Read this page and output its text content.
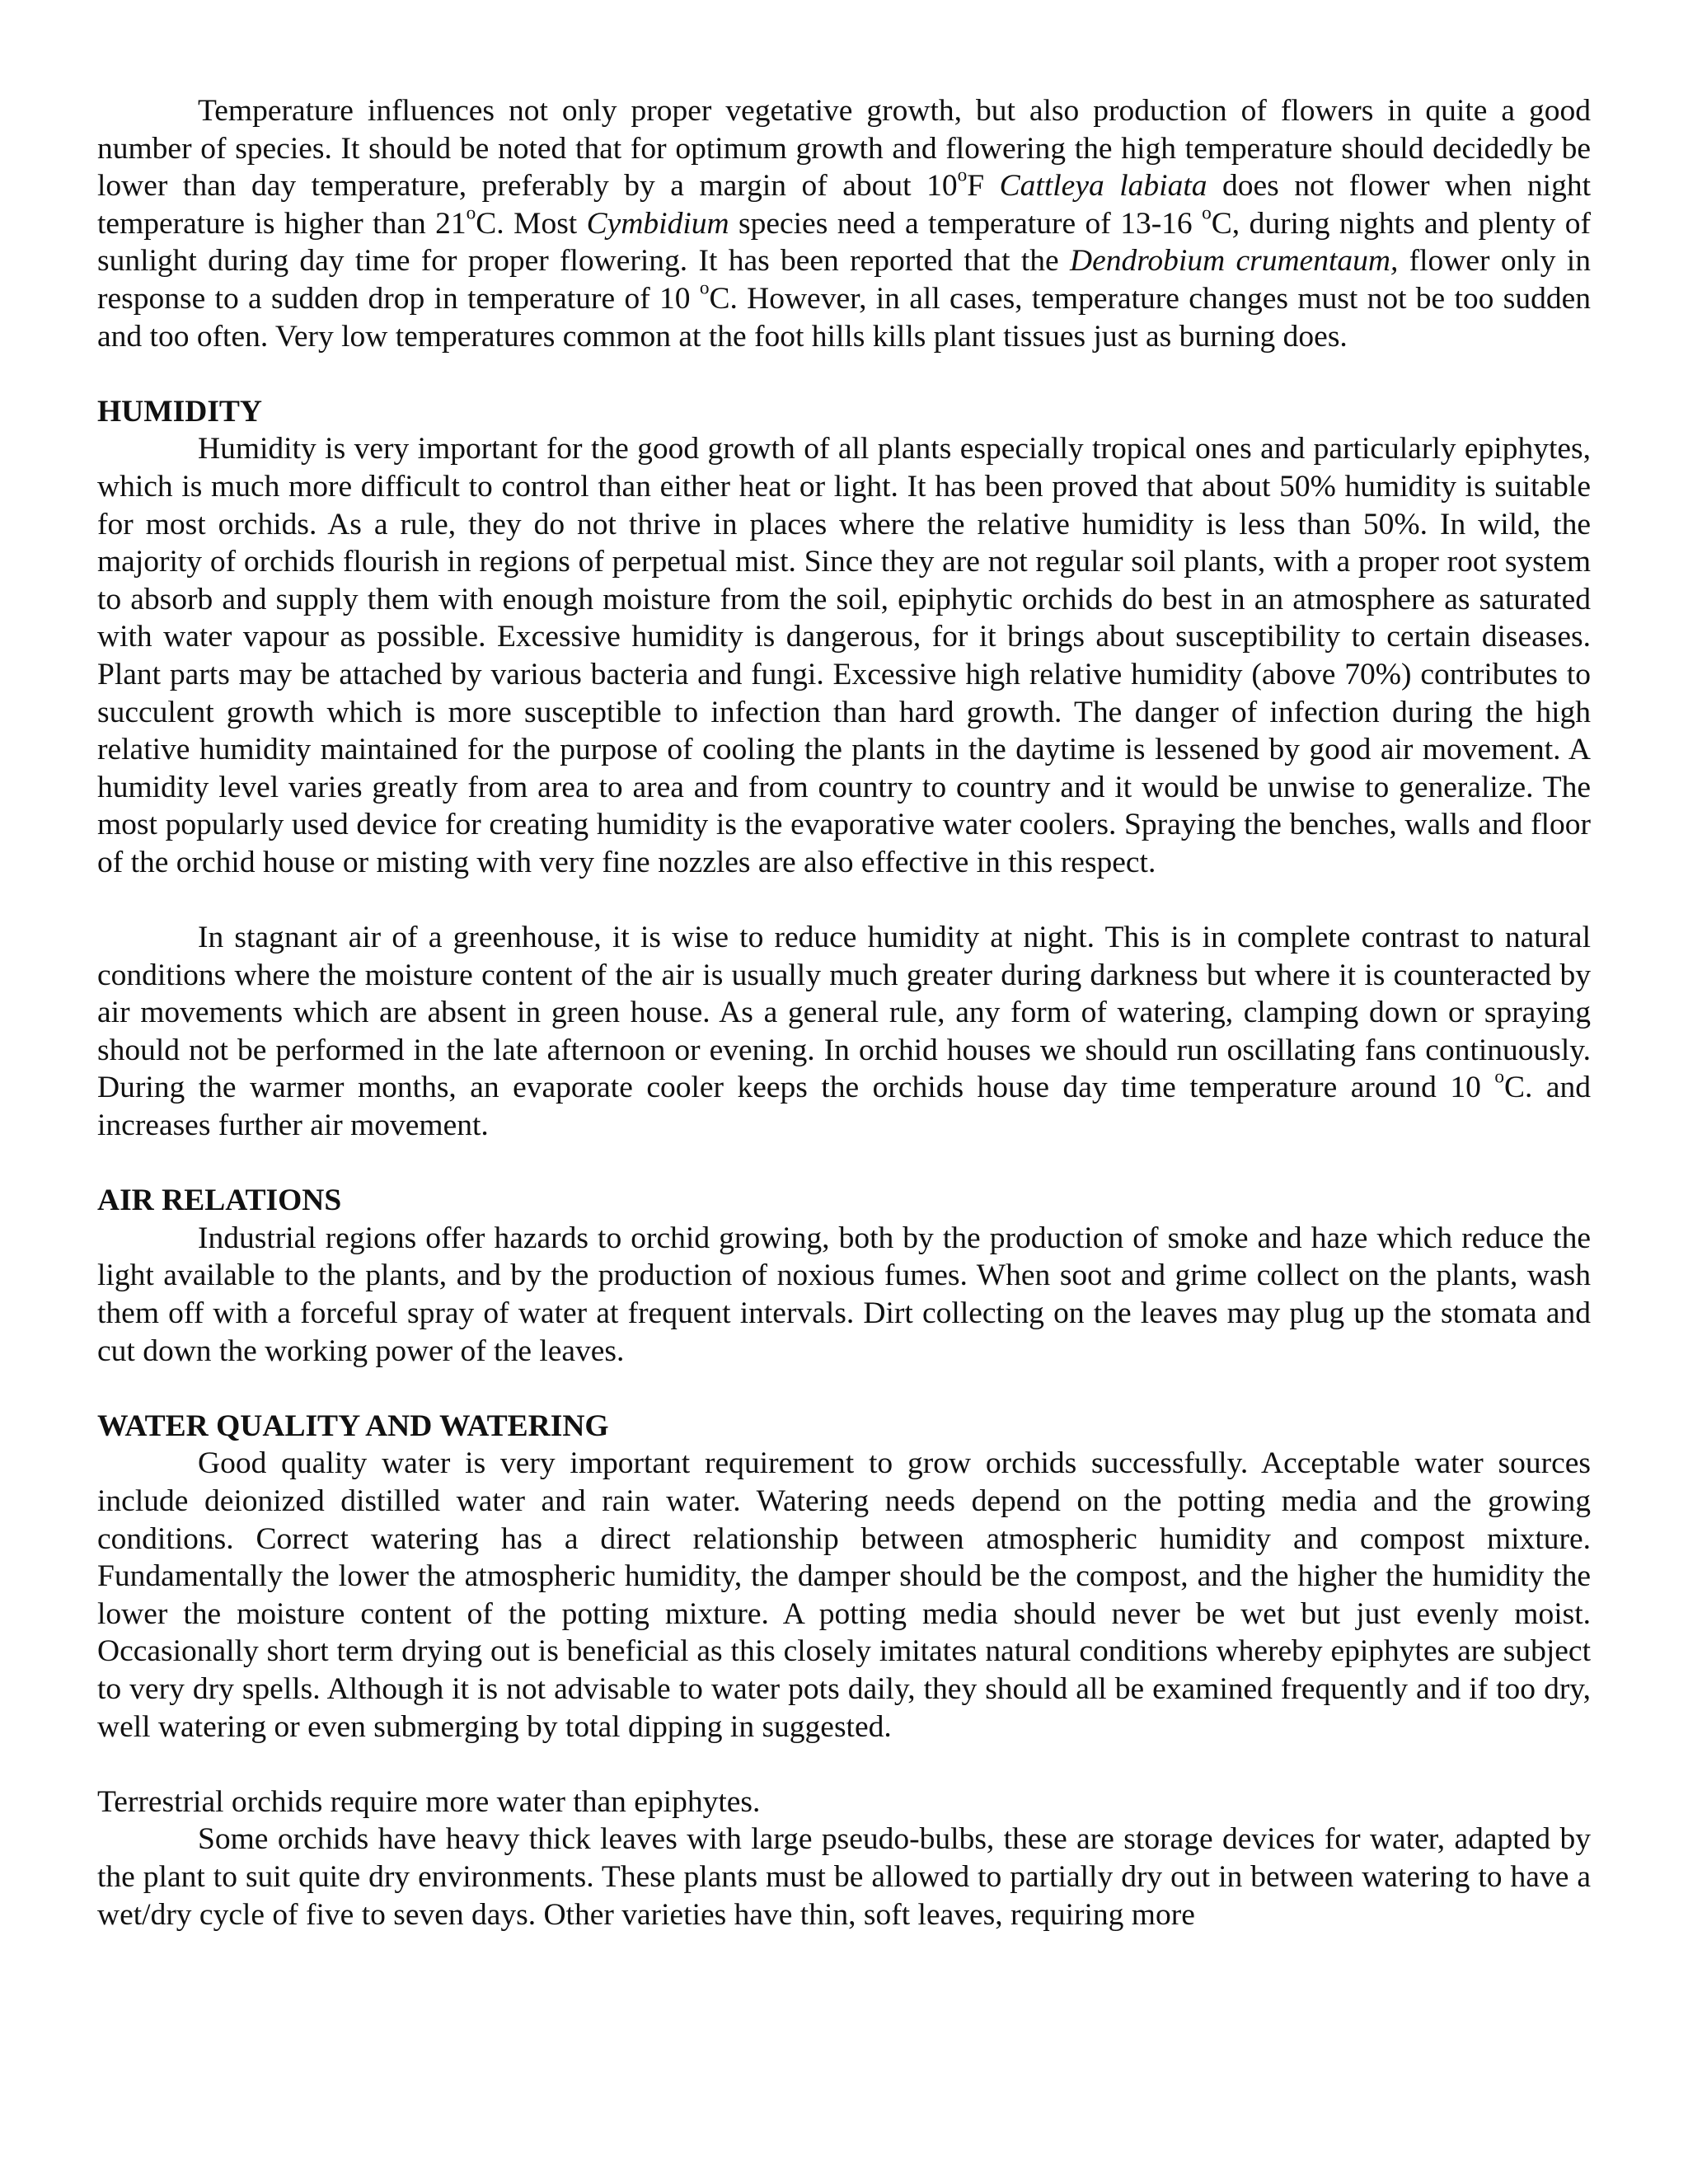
Temperature influences not only proper vegetative growth, but also production of flowers in quite a good number of species. It should be noted that for optimum growth and flowering the high temperature should decidedly be lower than day temperature, preferably by a margin of about 10$^o$F Cattleya labiata does not flower when night temperature is higher than 21$^o$C. Most Cymbidium species need a temperature of 13-16 $^o$C, during nights and plenty of sunlight during day time for proper flowering. It has been reported that the Dendrobium crumentaum, flower only in response to a sudden drop in temperature of 10 $^o$C. However, in all cases, temperature changes must not be too sudden and too often. Very low temperatures common at the foot hills kills plant tissues just as burning does.

HUMIDITY

Humidity is very important for the good growth of all plants especially tropical ones and particularly epiphytes, which is much more difficult to control than either heat or light. It has been proved that about 50% humidity is suitable for most orchids. As a rule, they do not thrive in places where the relative humidity is less than 50%. In wild, the majority of orchids flourish in regions of perpetual mist. Since they are not regular soil plants, with a proper root system to absorb and supply them with enough moisture from the soil, epiphytic orchids do best in an atmosphere as saturated with water vapour as possible. Excessive humidity is dangerous, for it brings about susceptibility to certain diseases. Plant parts may be attached by various bacteria and fungi. Excessive high relative humidity (above 70%) contributes to succulent growth which is more susceptible to infection than hard growth. The danger of infection during the high relative humidity maintained for the purpose of cooling the plants in the daytime is lessened by good air movement. A humidity level varies greatly from area to area and from country to country and it would be unwise to generalize. The most popularly used device for creating humidity is the evaporative water coolers. Spraying the benches, walls and floor of the orchid house or misting with very fine nozzles are also effective in this respect.

In stagnant air of a greenhouse, it is wise to reduce humidity at night. This is in complete contrast to natural conditions where the moisture content of the air is usually much greater during darkness but where it is counteracted by air movements which are absent in green house. As a general rule, any form of watering, clamping down or spraying should not be performed in the late afternoon or evening. In orchid houses we should run oscillating fans continuously. During the warmer months, an evaporate cooler keeps the orchids house day time temperature around 10 $^o$C. and increases further air movement.

AIR RELATIONS

Industrial regions offer hazards to orchid growing, both by the production of smoke and haze which reduce the light available to the plants, and by the production of noxious fumes. When soot and grime collect on the plants, wash them off with a forceful spray of water at frequent intervals. Dirt collecting on the leaves may plug up the stomata and cut down the working power of the leaves.

WATER QUALITY AND WATERING

Good quality water is very important requirement to grow orchids successfully. Acceptable water sources include deionized distilled water and rain water. Watering needs depend on the potting media and the growing conditions. Correct watering has a direct relationship between atmospheric humidity and compost mixture. Fundamentally the lower the atmospheric humidity, the damper should be the compost, and the higher the humidity the lower the moisture content of the potting mixture. A potting media should never be wet but just evenly moist. Occasionally short term drying out is beneficial as this closely imitates natural conditions whereby epiphytes are subject to very dry spells. Although it is not advisable to water pots daily, they should all be examined frequently and if too dry, well watering or even submerging by total dipping in suggested.

Terrestrial orchids require more water than epiphytes.

Some orchids have heavy thick leaves with large pseudo-bulbs, these are storage devices for water, adapted by the plant to suit quite dry environments. These plants must be allowed to partially dry out in between watering to have a wet/dry cycle of five to seven days. Other varieties have thin, soft leaves, requiring more
